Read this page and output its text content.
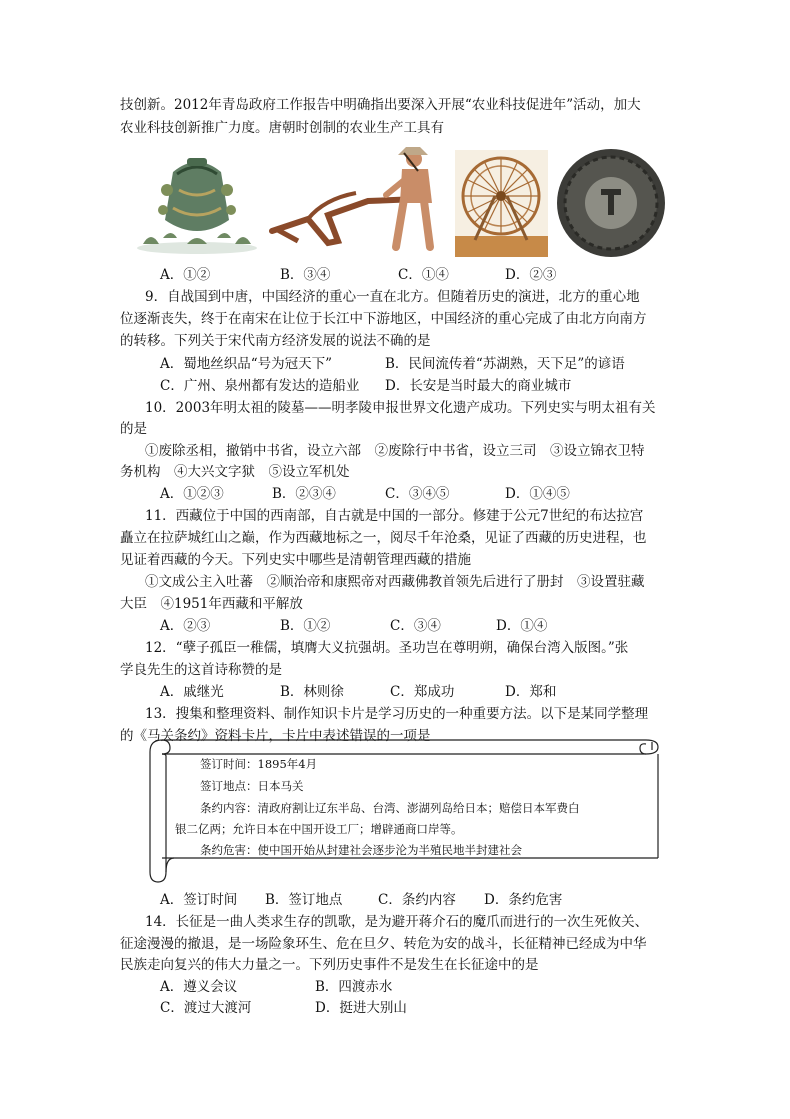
技创新。2012年青岛政府工作报告中明确指出要深入开展“农业科技促进年”活动，加大
农业科技创新推广力度。唐朝时创制的农业生产工具有
A．①②	B．③④	C．①④	D．②③
9．自战国到中唐，中国经济的重心一直在北方。但随着历史的演进，北方的重心地
位逐渐丧失，终于在南宋在让位于长江中下游地区，中国经济的重心完成了由北方向南方
的转移。下列关于宋代南方经济发展的说法不确的是
A．蜀地丝织品“号为冠天下”	B．民间流传着“苏湖熟，天下足”的谚语
C．广州、泉州都有发达的造船业 D．长安是当时最大的商业城市
10．2003年明太祖的陵墓——明孝陵申报世界文化遗产成功。下列史实与明太祖有关
的是
①废除丞相，撤销中书省，设立六部　②废除行中书省，设立三司　③设立锦衣卫特
务机构　④大兴文字狱　⑤设立军机处
A．①②③	B．②③④	C．③④⑤	D．①④⑤
11．西藏位于中国的西南部，自古就是中国的一部分。修建于公元7世纪的布达拉宫
矗立在拉萨城红山之巅，作为西藏地标之一，阅尽千年沧桑，见证了西藏的历史进程，也
见证着西藏的今天。下列史实中哪些是清朝管理西藏的措施
①文成公主入吐蕃　②顺治帝和康熙帝对西藏佛教首领先后进行了册封　③设置驻藏
大臣　④1951年西藏和平解放
A．②③	B．①②	C．③④	D．①④
12．“孽子孤臣一稚儒，填膺大义抗强胡。圣功岂在尊明朔，确保台湾入版图。”张
学良先生的这首诗称赞的是
A．戚继光	B．林则徐	C．郑成功	D．郑和
13．搜集和整理资料、制作知识卡片是学习历史的一种重要方法。以下是某同学整理
的《马关条约》资料卡片，卡片中表述错误的一项是
签订时间：1895年4月
签订地点：日本马关
条约内容：清政府割让辽东半岛、台湾、澎湖列岛给日本；赔偿日本军费白
银二亿两；允许日本在中国开设工厂；增辟通商口岸等。
条约危害：使中国开始从封建社会逐步沦为半殖民地半封建社会
A．签订时间 B．签订地点	C．条约内容 D．条约危害
14．长征是一曲人类求生存的凯歌，是为避开蒋介石的魔爪而进行的一次生死攸关、
征途漫漫的撤退，是一场险象环生、危在旦夕、转危为安的战斗，长征精神已经成为中华
民族走向复兴的伟大力量之一。下列历史事件不是发生在长征途中的是
A．遵义会议	B．四渡赤水
C．渡过大渡河	D．挺进大别山
